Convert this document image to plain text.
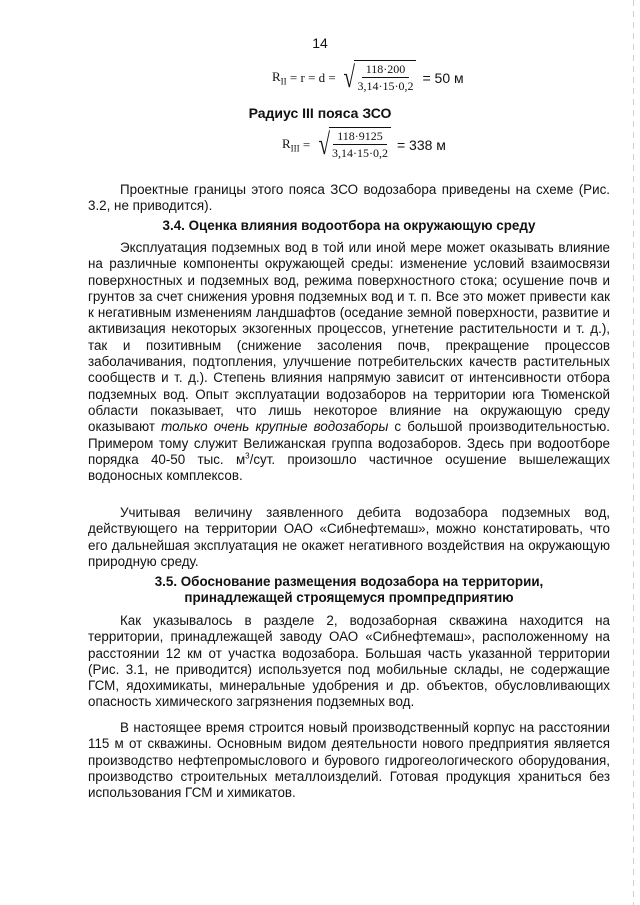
14
$R_{II} = r = d$ = √ $\frac{118\cdot 200}{3,14\cdot 15\cdot 0,2} = 50$ м
Радиус III пояса ЗСО
$R_{III}$ = √ $\frac{118\cdot 9125}{3,14\cdot 15\cdot 0,2} = 338$ м

Проектные границы этого пояса ЗСО водозабора приведены на схеме (Рис. 3.2, не приводится).

3.4. Оценка влияния водоотбора на окружающую среду

Эксплуатация подземных вод в той или иной мере может оказывать влияние на различные компоненты окружающей среды: изменение условий взаимосвязи поверхностных и подземных вод, режима поверхностного стока; осушение почв и грунтов за счет снижения уровня подземных вод и т. п. Все это может привести как к негативным изменениям ландшафтов (оседание земной поверхности, развитие и активизация некоторых экзогенных процессов, угнетение растительности и т. д.), так и позитивным (снижение засоления почв, прекращение процессов заболачивания, подтопления, улучшение потребительских качеств растительных сообществ и т. д.). Степень влияния напрямую зависит от интенсивности отбора подземных вод. Опыт эксплуатации водозаборов на территории юга Тюменской области показывает, что лишь некоторое влияние на окружающую среду оказывают только очень крупные водозаборы с большой производительностью. Примером тому служит Велижанская группа водозаборов. Здесь при водоотборе порядка 40-50 тыс. $м^3$/сут. произошло частичное осушение вышележащих водоносных комплексов.

Учитывая величину заявленного дебита водозабора подземных вод, действующего на территории ОАО «Сибнефтемаш», можно констатировать, что его дальнейшая эксплуатация не окажет негативного воздействия на окружающую природную среду.

3.5. Обоснование размещения водозабора на территории,
принадлежащей строящемуся промпредприятию

Как указывалось в разделе 2, водозаборная скважина находится на территории, принадлежащей заводу ОАО «Сибнефтемаш», расположенному на расстоянии 12 км от участка водозабора. Большая часть указанной территории (Рис. 3.1, не приводится) используется под мобильные склады, не содержащие ГСМ, ядохимикаты, минеральные удобрения и др. объектов, обусловливающих опасность химического загрязнения подземных вод.

В настоящее время строится новый производственный корпус на расстоянии 115 м от скважины. Основным видом деятельности нового предприятия является производство нефтепромыслового и бурового гидрогеологического оборудования, производство строительных металлоизделий. Готовая продукция храниться без использования ГСМ и химикатов.
